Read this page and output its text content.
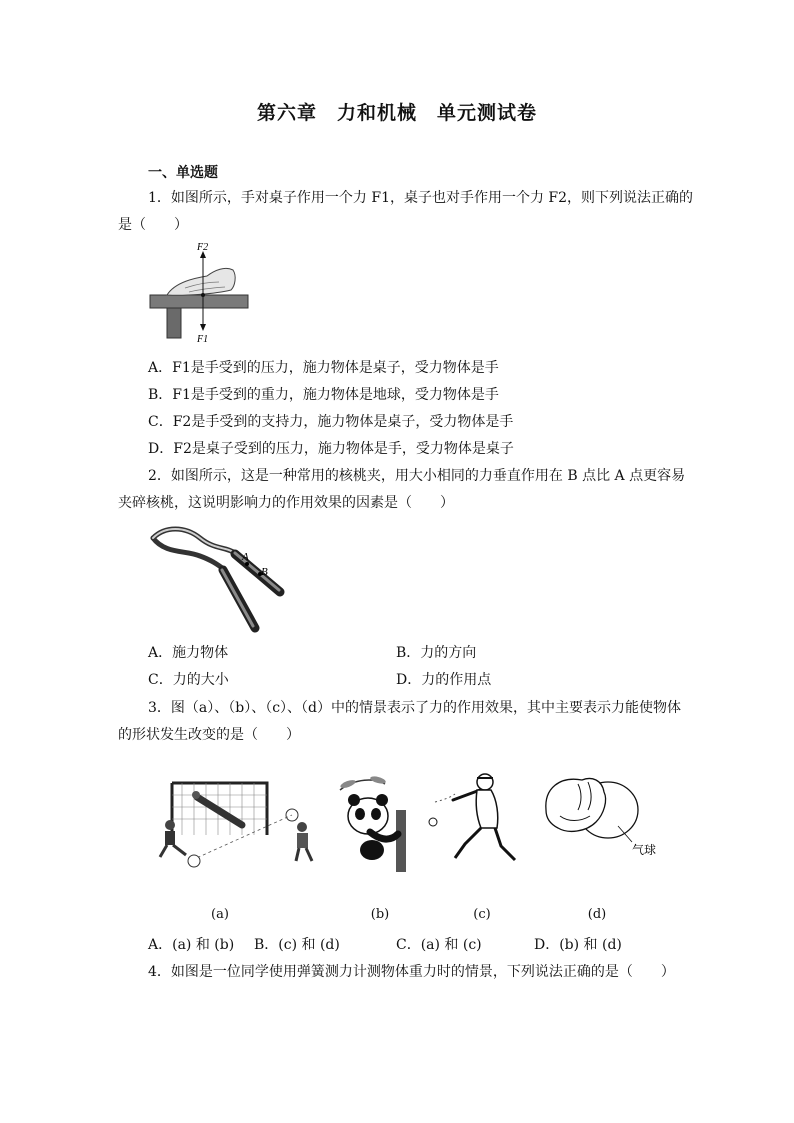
第六章　力和机械　单元测试卷
一、单选题
1．如图所示，手对桌子作用一个力 F1，桌子也对手作用一个力 F2，则下列说法正确的
是（　　）
F2
F1
A．F1是手受到的压力，施力物体是桌子，受力物体是手
B．F1是手受到的重力，施力物体是地球，受力物体是手
C．F2是手受到的支持力，施力物体是桌子，受力物体是手
D．F2是桌子受到的压力，施力物体是手，受力物体是桌子
2．如图所示，这是一种常用的核桃夹，用大小相同的力垂直作用在 B 点比 A 点更容易
夹碎核桃，这说明影响力的作用效果的因素是（　　）
A
B
A．施力物体	B．力的方向
C．力的大小	D．力的作用点
3．图（a）、（b）、（c）、（d）中的情景表示了力的作用效果，其中主要表示力能使物体
的形状发生改变的是（　　）
气球
(a)	(b)	(c)	(d)
A．(a) 和 (b) B．(c) 和 (d)	C．(a) 和 (c)	D．(b) 和 (d)
4．如图是一位同学使用弹簧测力计测物体重力时的情景，下列说法正确的是（　　）
